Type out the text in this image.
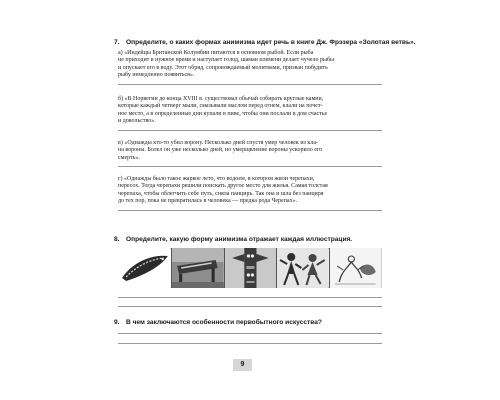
7. Определите, о каких формах анимизма идет речь в книге Дж. Фрэзера «Золотая ветвь».
а) «Индейцы Британской Колумбии питаются в основном рыбой. Если рыба
не приходит в нужное время и наступает голод, шаман племени делает чучело рыбы
и опускает его в воду. Этот обряд, сопровождаемый молитвами, призван побудить
рыбу немедленно появиться».
б) «В Норвегии до конца XVIII в. существовал обычай собирать круглые камни,
которые каждый четверг мыли, смазывали маслом перед огнем, клали на почет-
ное место, а в определенные дни купали в пиве, чтобы они послали в дом счастье
и довольство».
в) «Однажды кто-то убил ворону. Несколько дней спустя умер человек из кла-
на вороны. Болел он уже несколько дней, но умерщвление вороны ускорило его
смерть».
г) «Однажды было такое жаркое лето, что водоем, в котором жили черепахи,
пересох. Тогда черепахи решили поискать другое место для жилья. Самая толстая
черепаха, чтобы облегчить себе путь, сняла панцирь. Так она и шла без панциря
до тех пор, пока не превратилась в человека — предка рода Черепах».
8. Определите, какую форму анимизма отражает каждая иллюстрация.
9. В чем заключаются особенности первобытного искусства?
9
